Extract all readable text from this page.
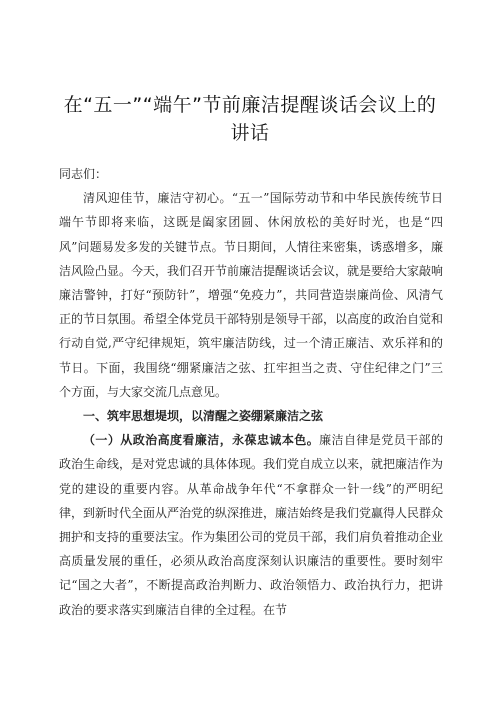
在“五一”“端午”节前廉洁提醒谈话会议上的讲话

同志们：

清风迎佳节，廉洁守初心。“五一”国际劳动节和中华民族传统节日端午节即将来临，这既是阖家团圆、休闲放松的美好时光，也是“四风”问题易发多发的关键节点。节日期间，人情往来密集，诱惑增多，廉洁风险凸显。今天，我们召开节前廉洁提醒谈话会议，就是要给大家敲响廉洁警钟，打好“预防针”，增强“免疫力”，共同营造崇廉尚俭、风清气正的节日氛围。希望全体党员干部特别是领导干部，以高度的政治自觉和行动自觉,严守纪律规矩，筑牢廉洁防线，过一个清正廉洁、欢乐祥和的节日。下面，我围绕“绷紧廉洁之弦、扛牢担当之责、守住纪律之门”三个方面，与大家交流几点意见。

一、筑牢思想堤坝，以清醒之姿绷紧廉洁之弦

（一）从政治高度看廉洁，永葆忠诚本色。廉洁自律是党员干部的政治生命线，是对党忠诚的具体体现。我们党自成立以来，就把廉洁作为党的建设的重要内容。从革命战争年代“不拿群众一针一线”的严明纪律，到新时代全面从严治党的纵深推进，廉洁始终是我们党赢得人民群众拥护和支持的重要法宝。作为集团公司的党员干部，我们肩负着推动企业高质量发展的重任，必须从政治高度深刻认识廉洁的重要性。要时刻牢记“国之大者”，不断提高政治判断力、政治领悟力、政治执行力，把讲政治的要求落实到廉洁自律的全过程。在节
